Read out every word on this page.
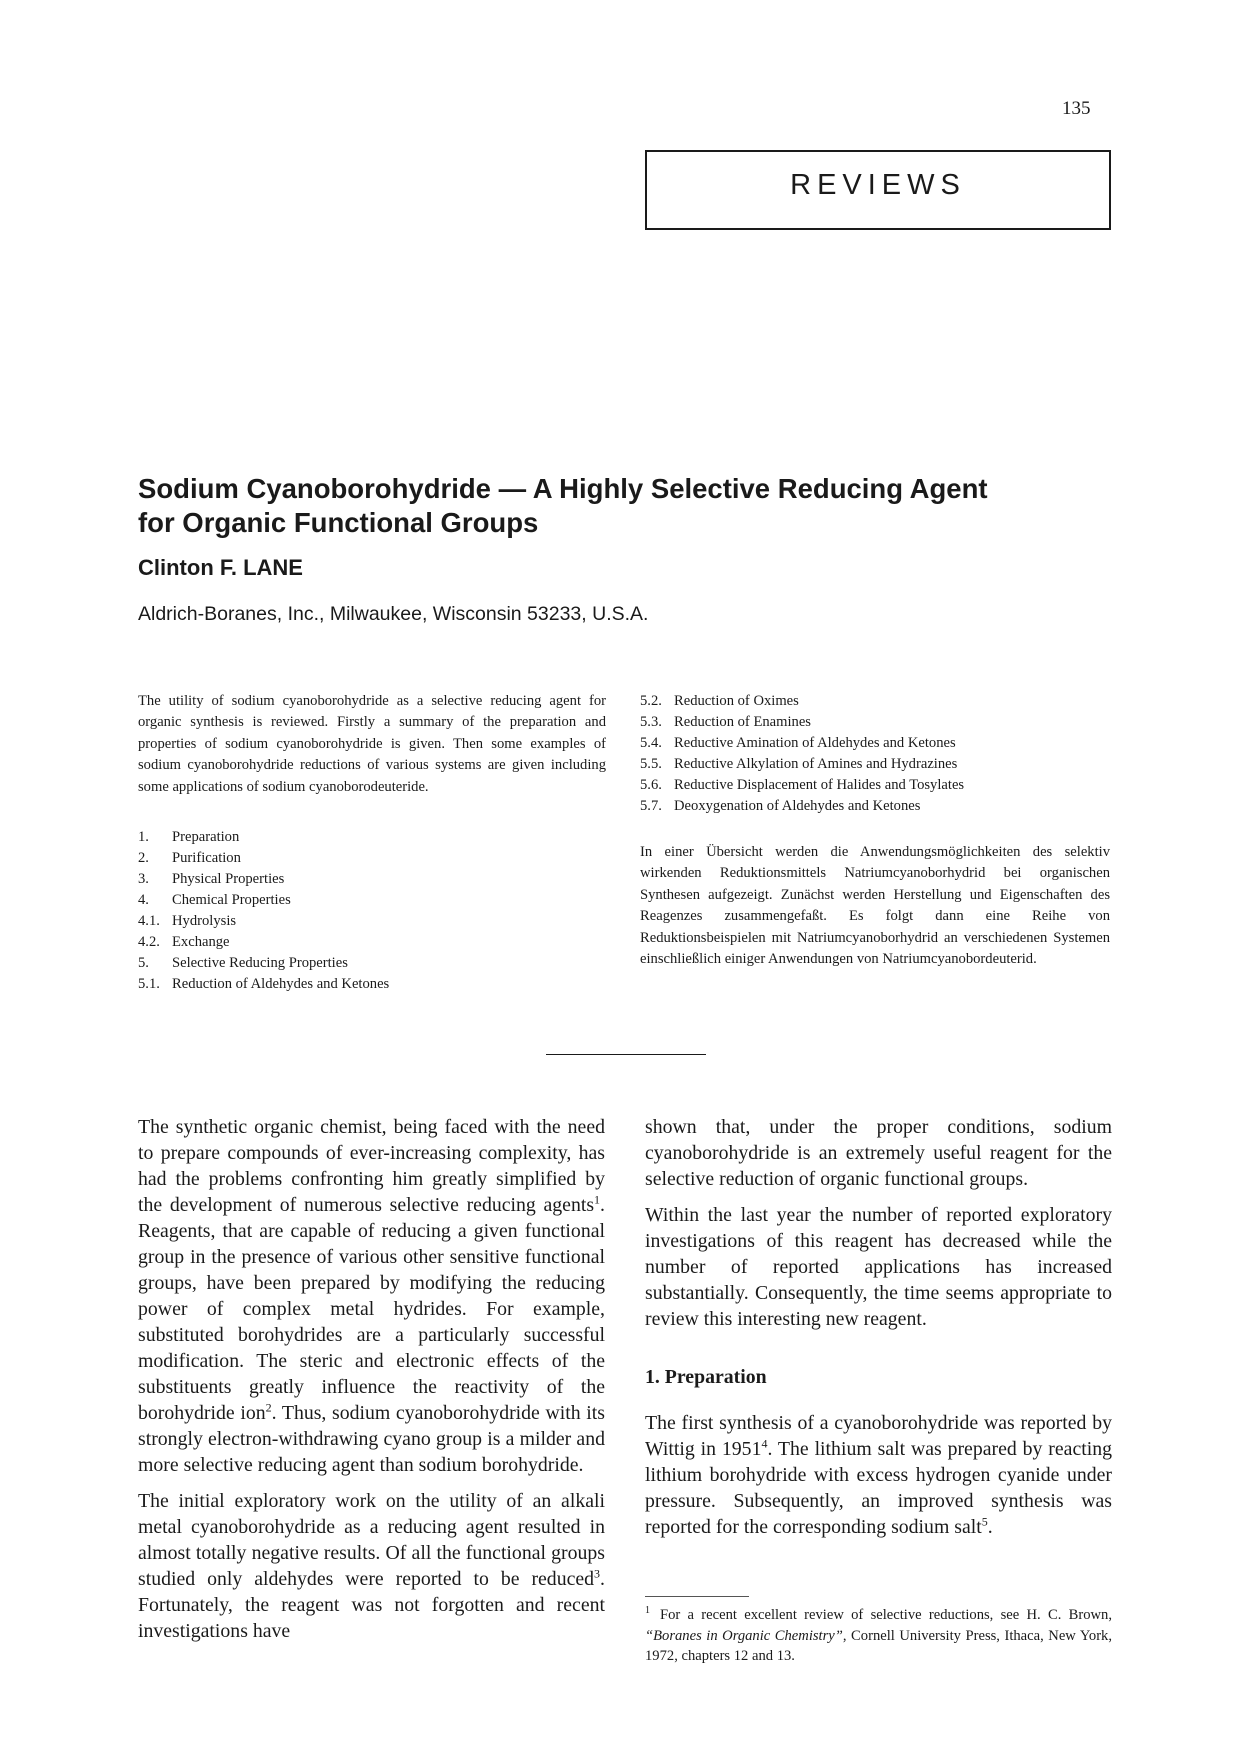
135
REVIEWS
Sodium Cyanoborohydride — A Highly Selective Reducing Agent
for Organic Functional Groups
Clinton F. LANE
Aldrich-Boranes, Inc., Milwaukee, Wisconsin 53233, U.S.A.

The utility of sodium cyanoborohydride as a selective reducing agent for organic synthesis is reviewed. Firstly a summary of the preparation and properties of sodium cyanoborohydride is given. Then some examples of sodium cyanoborohydride reductions of various systems are given including some applications of sodium cyanoborodeuteride.

1.	Preparation
2.	Purification
3.	Physical Properties
4.	Chemical Properties
4.1. Hydrolysis
4.2. Exchange
5.	Selective Reducing Properties
5.1. Reduction of Aldehydes and Ketones
5.2. Reduction of Oximes
5.3. Reduction of Enamines
5.4. Reductive Amination of Aldehydes and Ketones
5.5. Reductive Alkylation of Amines and Hydrazines
5.6. Reductive Displacement of Halides and Tosylates
5.7. Deoxygenation of Aldehydes and Ketones

In einer Übersicht werden die Anwendungsmöglichkeiten des selektiv wirkenden Reduktionsmittels Natriumcyanoborhydrid bei organischen Synthesen aufgezeigt. Zunächst werden Herstellung und Eigenschaften des Reagenzes zusammengefaßt. Es folgt dann eine Reihe von Reduktionsbeispielen mit Natriumcyanoborhydrid an verschiedenen Systemen einschließlich einiger Anwendungen von Natriumcyanobordeuterid.

The synthetic organic chemist, being faced with the need to prepare compounds of ever-increasing complexity, has had the problems confronting him greatly simplified by the development of numerous selective reducing agents$^1$. Reagents, that are capable of reducing a given functional group in the presence of various other sensitive functional groups, have been prepared by modifying the reducing power of complex metal hydrides. For example, substituted borohydrides are a particularly successful modification. The steric and electronic effects of the substituents greatly influence the reactivity of the borohydride ion$^2$. Thus, sodium cyanoborohydride with its strongly electron-withdrawing cyano group is a milder and more selective reducing agent than sodium borohydride.

The initial exploratory work on the utility of an alkali metal cyanoborohydride as a reducing agent resulted in almost totally negative results. Of all the functional groups studied only aldehydes were reported to be reduced$^3$. Fortunately, the reagent was not forgotten and recent investigations have

shown that, under the proper conditions, sodium cyanoborohydride is an extremely useful reagent for the selective reduction of organic functional groups.

Within the last year the number of reported exploratory investigations of this reagent has decreased while the number of reported applications has increased substantially. Consequently, the time seems appropriate to review this interesting new reagent.

1. Preparation

The first synthesis of a cyanoborohydride was reported by Wittig in 1951$^4$. The lithium salt was prepared by reacting lithium borohydride with excess hydrogen cyanide under pressure. Subsequently, an improved synthesis was reported for the corresponding sodium salt$^5$.

$^1$ For a recent excellent review of selective reductions, see H. C. Brown, “Boranes in Organic Chemistry”, Cornell University Press, Ithaca, New York, 1972, chapters 12 and 13.
